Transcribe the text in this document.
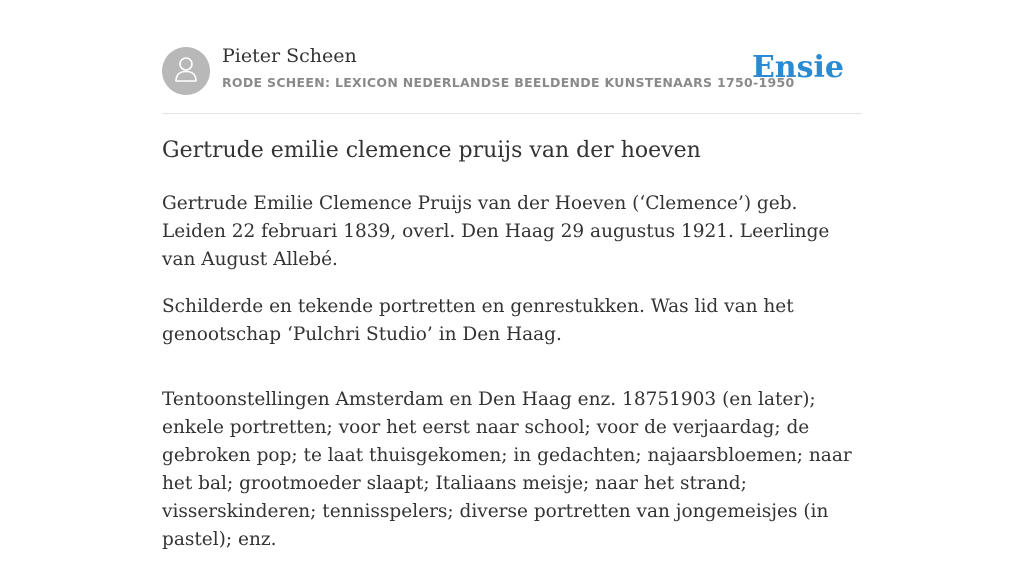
Pieter Scheen
RODE SCHEEN: LEXICON NEDERLANDSE BEELDENDE KUNSTENAARS 1750-1950
Ensie
Gertrude emilie clemence pruijs van der hoeven

Gertrude Emilie Clemence Pruijs van der Hoeven (‘Clemence’) geb. Leiden 22 februari 1839, overl. Den Haag 29 augustus 1921. Leerlinge van August Allebé.

Schilderde en tekende portretten en genrestukken. Was lid van het genootschap ‘Pulchri Studio’ in Den Haag.

Tentoonstellingen Amsterdam en Den Haag enz. 18751903 (en later); enkele portretten; voor het eerst naar school; voor de verjaardag; de gebroken pop; te laat thuisgekomen; in gedachten; najaarsbloemen; naar het bal; grootmoeder slaapt; Italiaans meisje; naar het strand; visserskinderen; tennisspelers; diverse portretten van jongemeisjes (in pastel); enz.
